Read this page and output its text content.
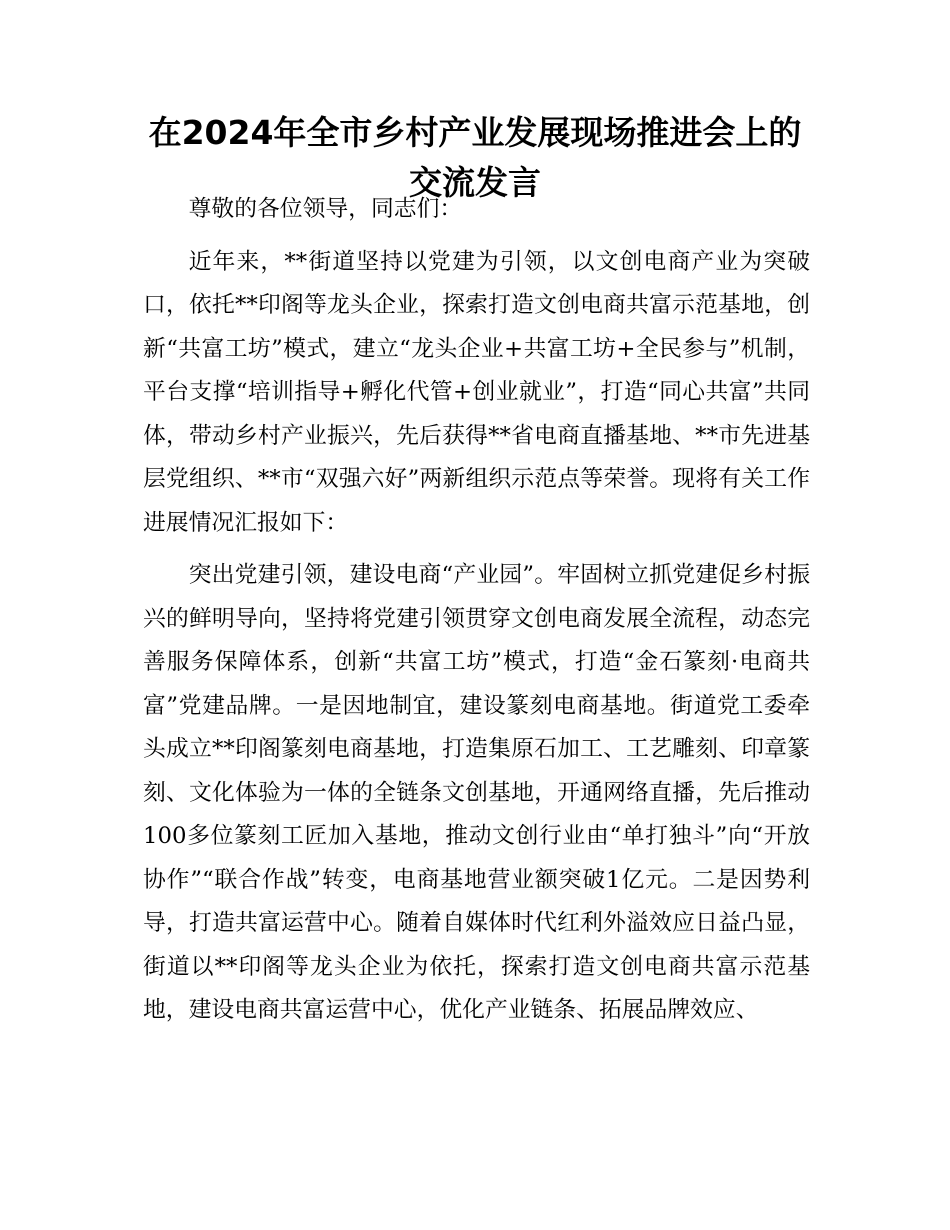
在2024年全市乡村产业发展现场推进会上的交流发言

尊敬的各位领导，同志们：

近年来，**街道坚持以党建为引领，以文创电商产业为突破口，依托**印阁等龙头企业，探索打造文创电商共富示范基地，创新“共富工坊”模式，建立“龙头企业+共富工坊+全民参与”机制，平台支撑“培训指导+孵化代管+创业就业”，打造“同心共富”共同体，带动乡村产业振兴，先后获得**省电商直播基地、**市先进基层党组织、**市“双强六好”两新组织示范点等荣誉。现将有关工作进展情况汇报如下：

突出党建引领，建设电商“产业园”。牢固树立抓党建促乡村振兴的鲜明导向，坚持将党建引领贯穿文创电商发展全流程，动态完善服务保障体系，创新“共富工坊”模式，打造“金石篆刻·电商共富”党建品牌。一是因地制宜，建设篆刻电商基地。街道党工委牵头成立**印阁篆刻电商基地，打造集原石加工、工艺雕刻、印章篆刻、文化体验为一体的全链条文创基地，开通网络直播，先后推动100多位篆刻工匠加入基地，推动文创行业由“单打独斗”向“开放协作”“联合作战”转变，电商基地营业额突破1亿元。二是因势利导，打造共富运营中心。随着自媒体时代红利外溢效应日益凸显，街道以**印阁等龙头企业为依托，探索打造文创电商共富示范基地，建设电商共富运营中心，优化产业链条、拓展品牌效应、
